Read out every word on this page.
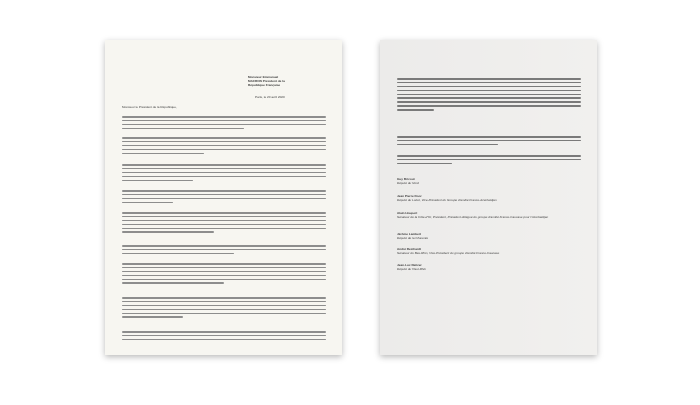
Monsieur Emmanuel
MACRON Président de la
République Française
Paris, le 20 avril 2020
Monsieur le Président de la République,
Guy Bricout
Député du Nord
Jean Pierre Door
Député du Loiret, Vice-Président du Groupe d'amitié France-Azerbaïdjan
Alain Houpert
Sénateur de la Côte-d'Or, Président, Président délégué du groupe d'amitié France-Caucase pour l'Azerbaïdjan
Jérôme Lambert
Député de la Charente
André Reichardt
Sénateur du Bas-Rhin, Vice-Président du groupe d'amitié France-Caucase
Jean-Luc Reitzer
Député du Haut-Rhin
